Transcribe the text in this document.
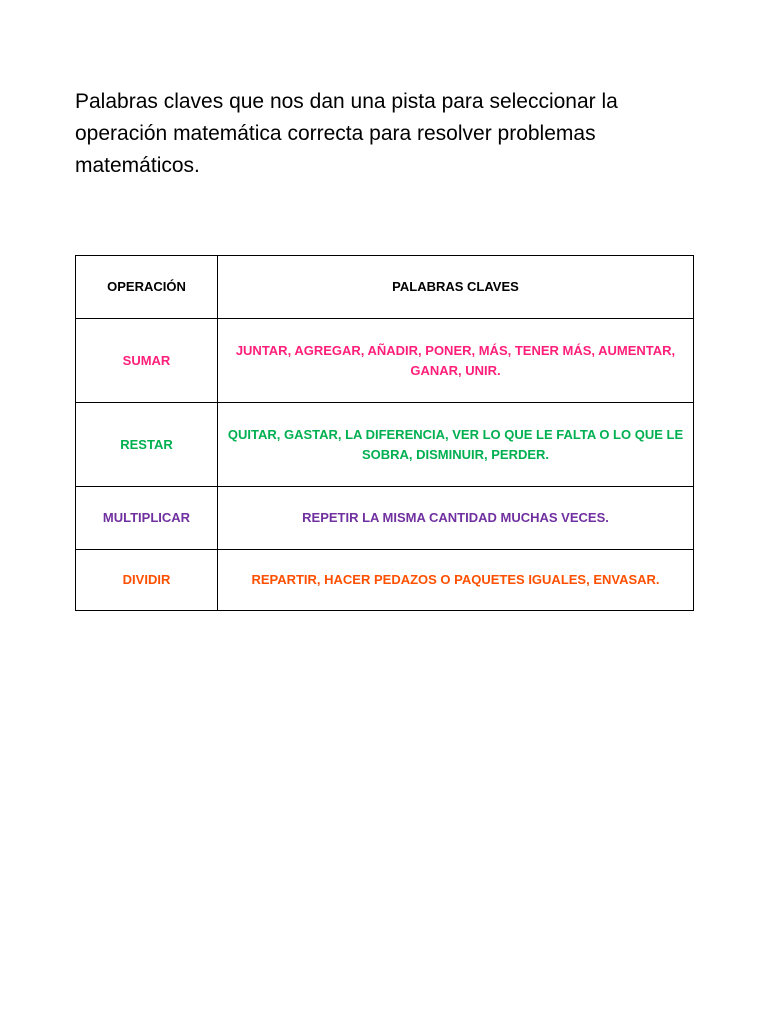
Palabras claves que nos dan una pista para seleccionar la operación matemática correcta para resolver problemas matemáticos.

OPERACIÓN	PALABRAS CLAVES
SUMAR	JUNTAR, AGREGAR, AÑADIR, PONER, MÁS, TENER MÁS, AUMENTAR, GANAR, UNIR.
RESTAR	QUITAR, GASTAR, LA DIFERENCIA, VER LO QUE LE FALTA O LO QUE LE SOBRA, DISMINUIR, PERDER.
MULTIPLICAR	REPETIR LA MISMA CANTIDAD MUCHAS VECES.
DIVIDIR	REPARTIR, HACER PEDAZOS O PAQUETES IGUALES, ENVASAR.
